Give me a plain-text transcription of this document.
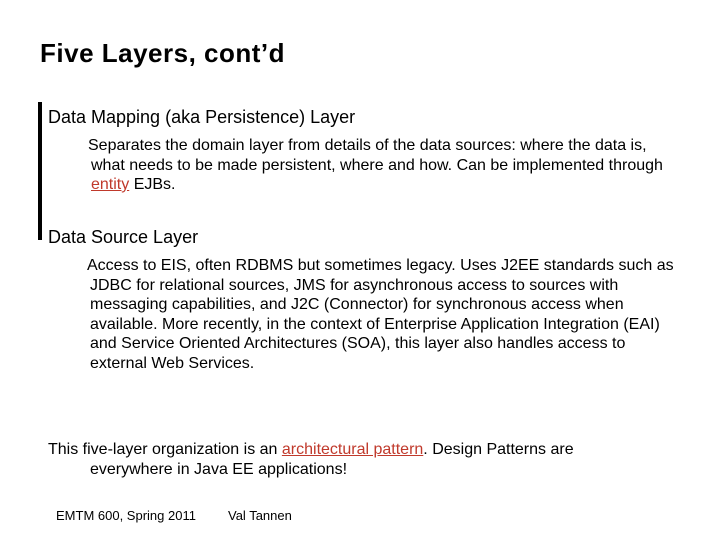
Five Layers, cont’d

Data Mapping (aka Persistence) Layer

Separates the domain layer from details of the data sources: where the data is, what needs to be made persistent, where and how. Can be implemented through entity EJBs.

Data Source Layer

Access to EIS, often RDBMS but sometimes legacy. Uses J2EE standards such as JDBC for relational sources, JMS for asynchronous access to sources with messaging capabilities, and J2C (Connector) for synchronous access when available. More recently, in the context of Enterprise Application Integration (EAI) and Service Oriented Architectures (SOA), this layer also handles access to external Web Services.

This five-layer organization is an architectural pattern. Design Patterns are
everywhere in Java EE applications!

EMTM 600, Spring 2011 Val Tannen
